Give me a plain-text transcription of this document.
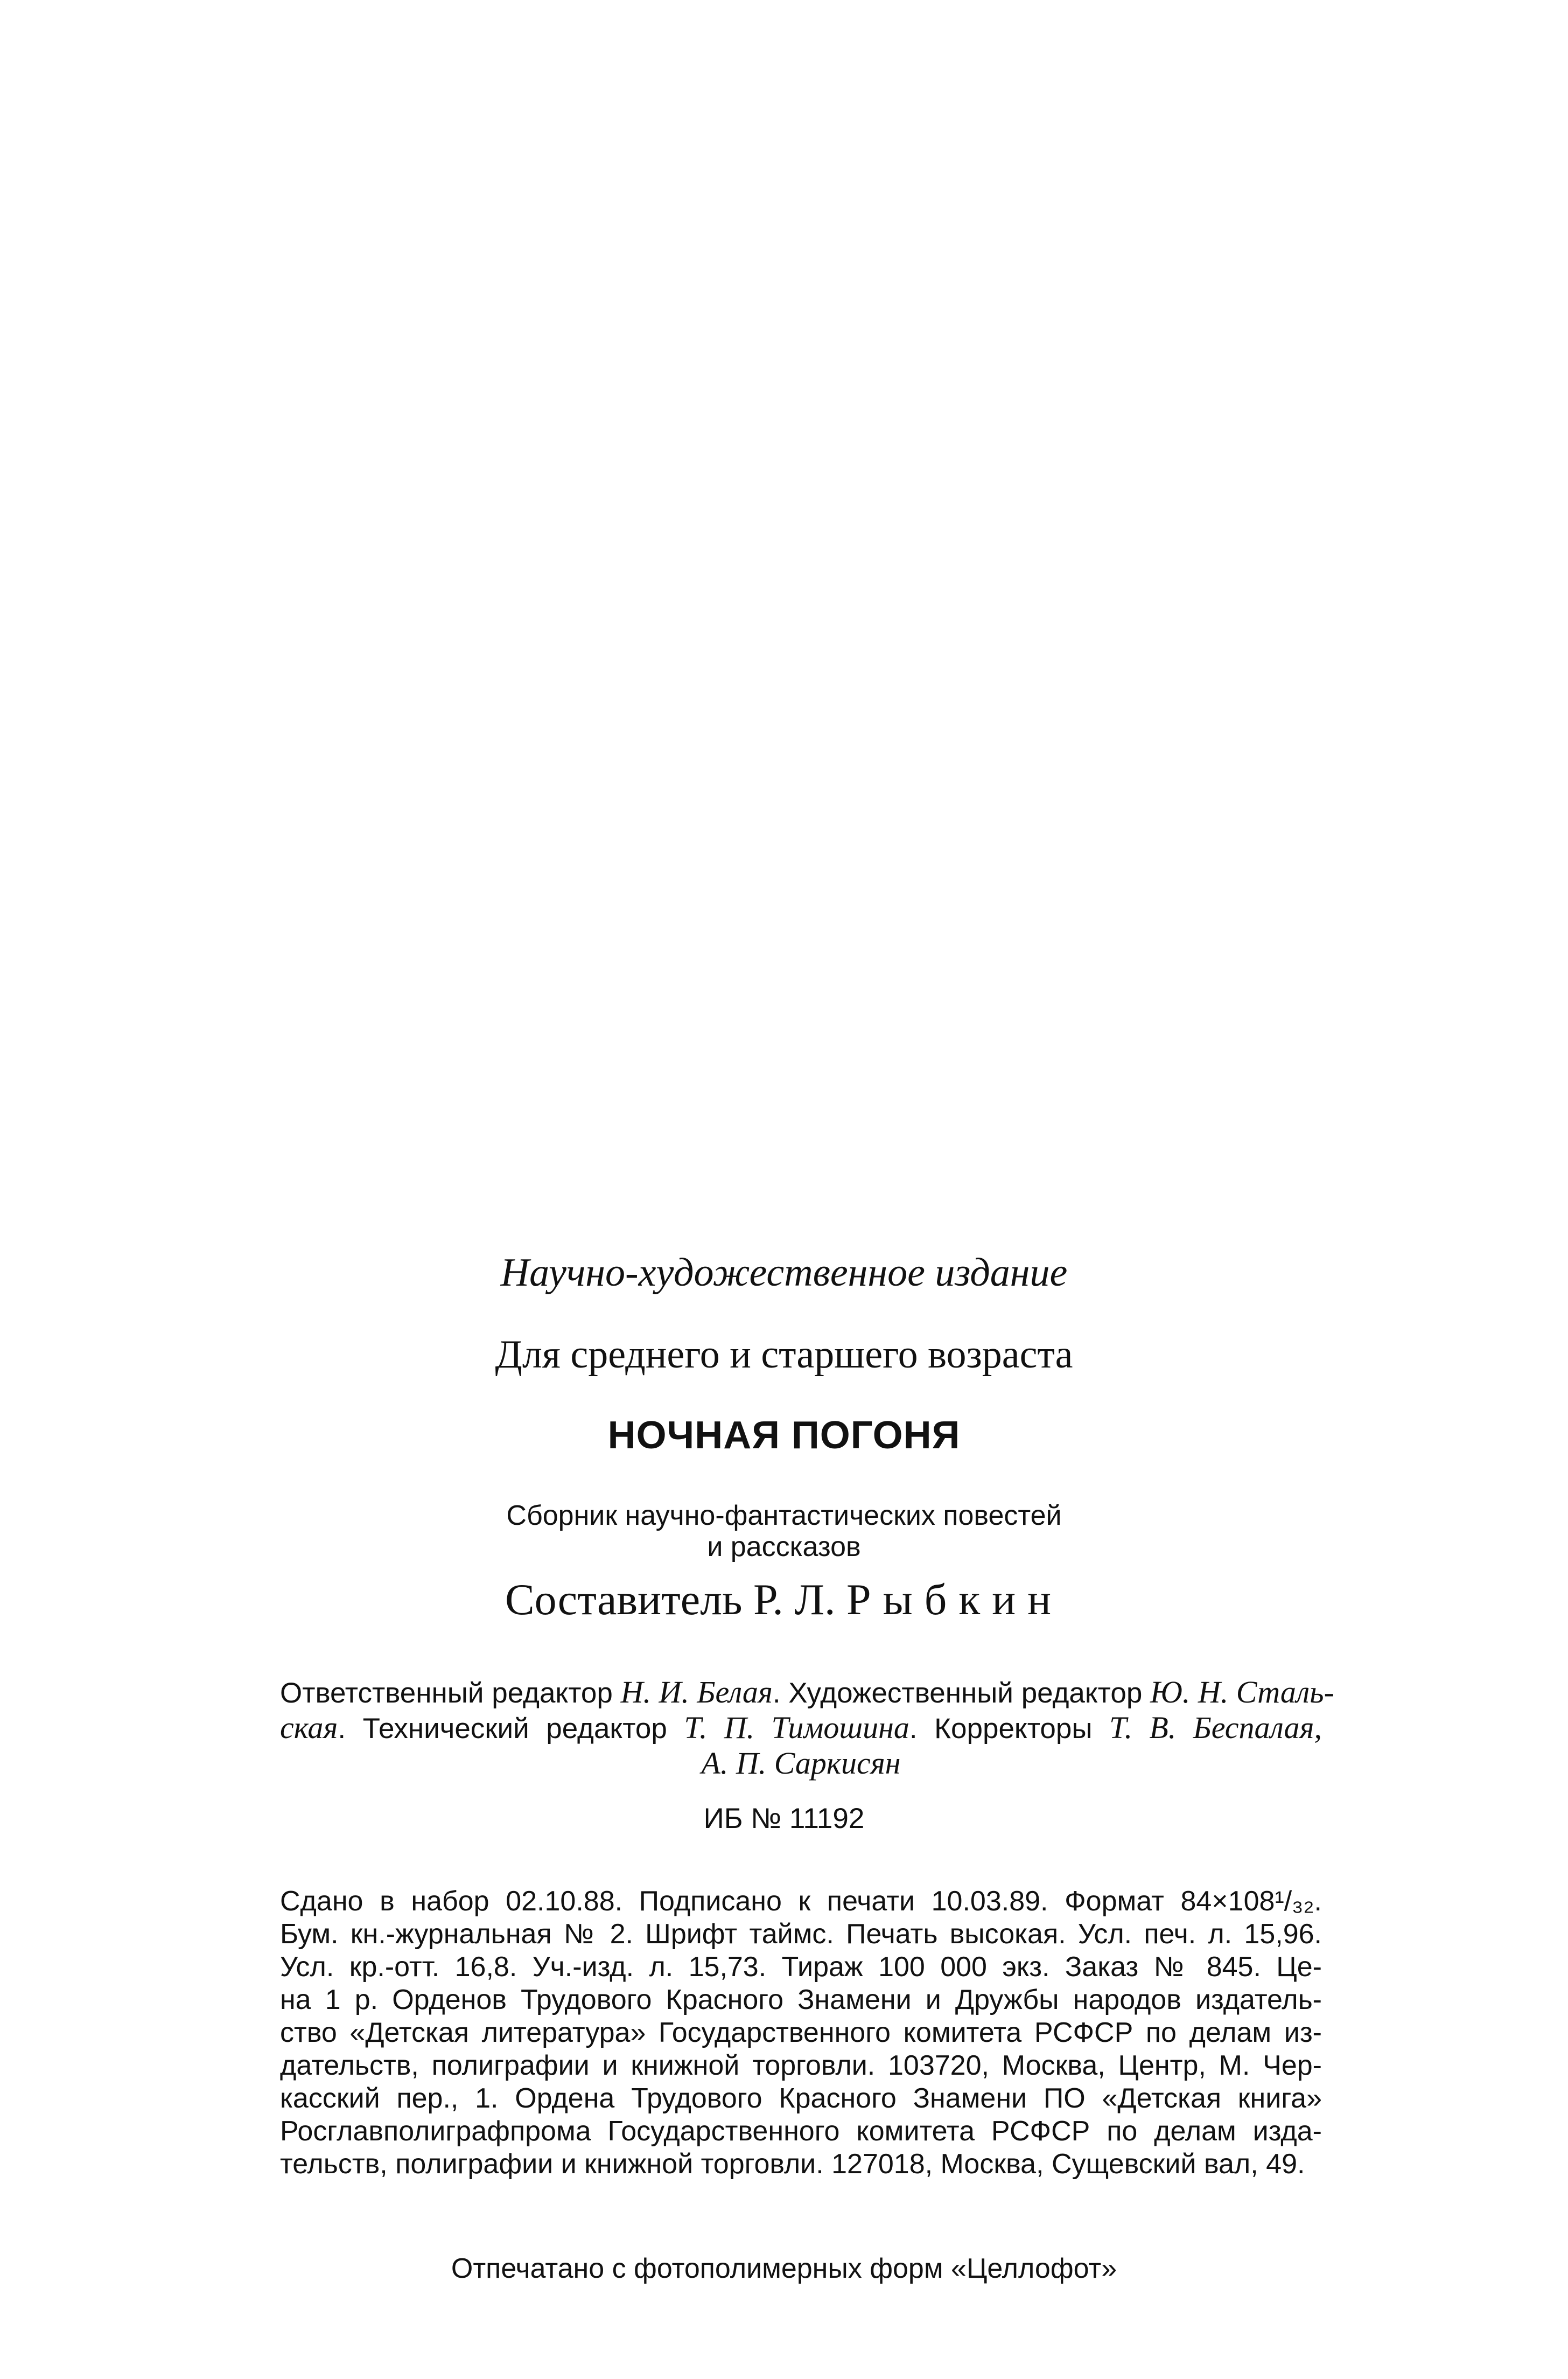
Научно-художественное издание
Для среднего и старшего возраста
НОЧНАЯ ПОГОНЯ
Сборник научно-фантастических повестей
и рассказов
Составитель Р. Л. Рыбкин
Ответственный редактор Н. И. Белая. Художественный редактор Ю. Н. Сталь-
ская. Технический редактор Т. П. Тимошина. Корректоры Т. В. Беспалая,
А. П. Саркисян
ИБ № 11192
Сдано в набор 02.10.88. Подписано к печати 10.03.89. Формат 84×108¹/₃₂.
Бум. кн.-журнальная № 2. Шрифт таймс. Печать высокая. Усл. печ. л. 15,96.
Усл. кр.-отт. 16,8. Уч.-изд. л. 15,73. Тираж 100 000 экз. Заказ № 845. Це-
на 1 р. Орденов Трудового Красного Знамени и Дружбы народов издатель-
ство «Детская литература» Государственного комитета РСФСР по делам из-
дательств, полиграфии и книжной торговли. 103720, Москва, Центр, М. Чер-
касский пер., 1. Ордена Трудового Красного Знамени ПО «Детская книга»
Росглавполиграфпрома Государственного комитета РСФСР по делам изда-
тельств, полиграфии и книжной торговли. 127018, Москва, Сущевский вал, 49.
Отпечатано с фотополимерных форм «Целлофот»
